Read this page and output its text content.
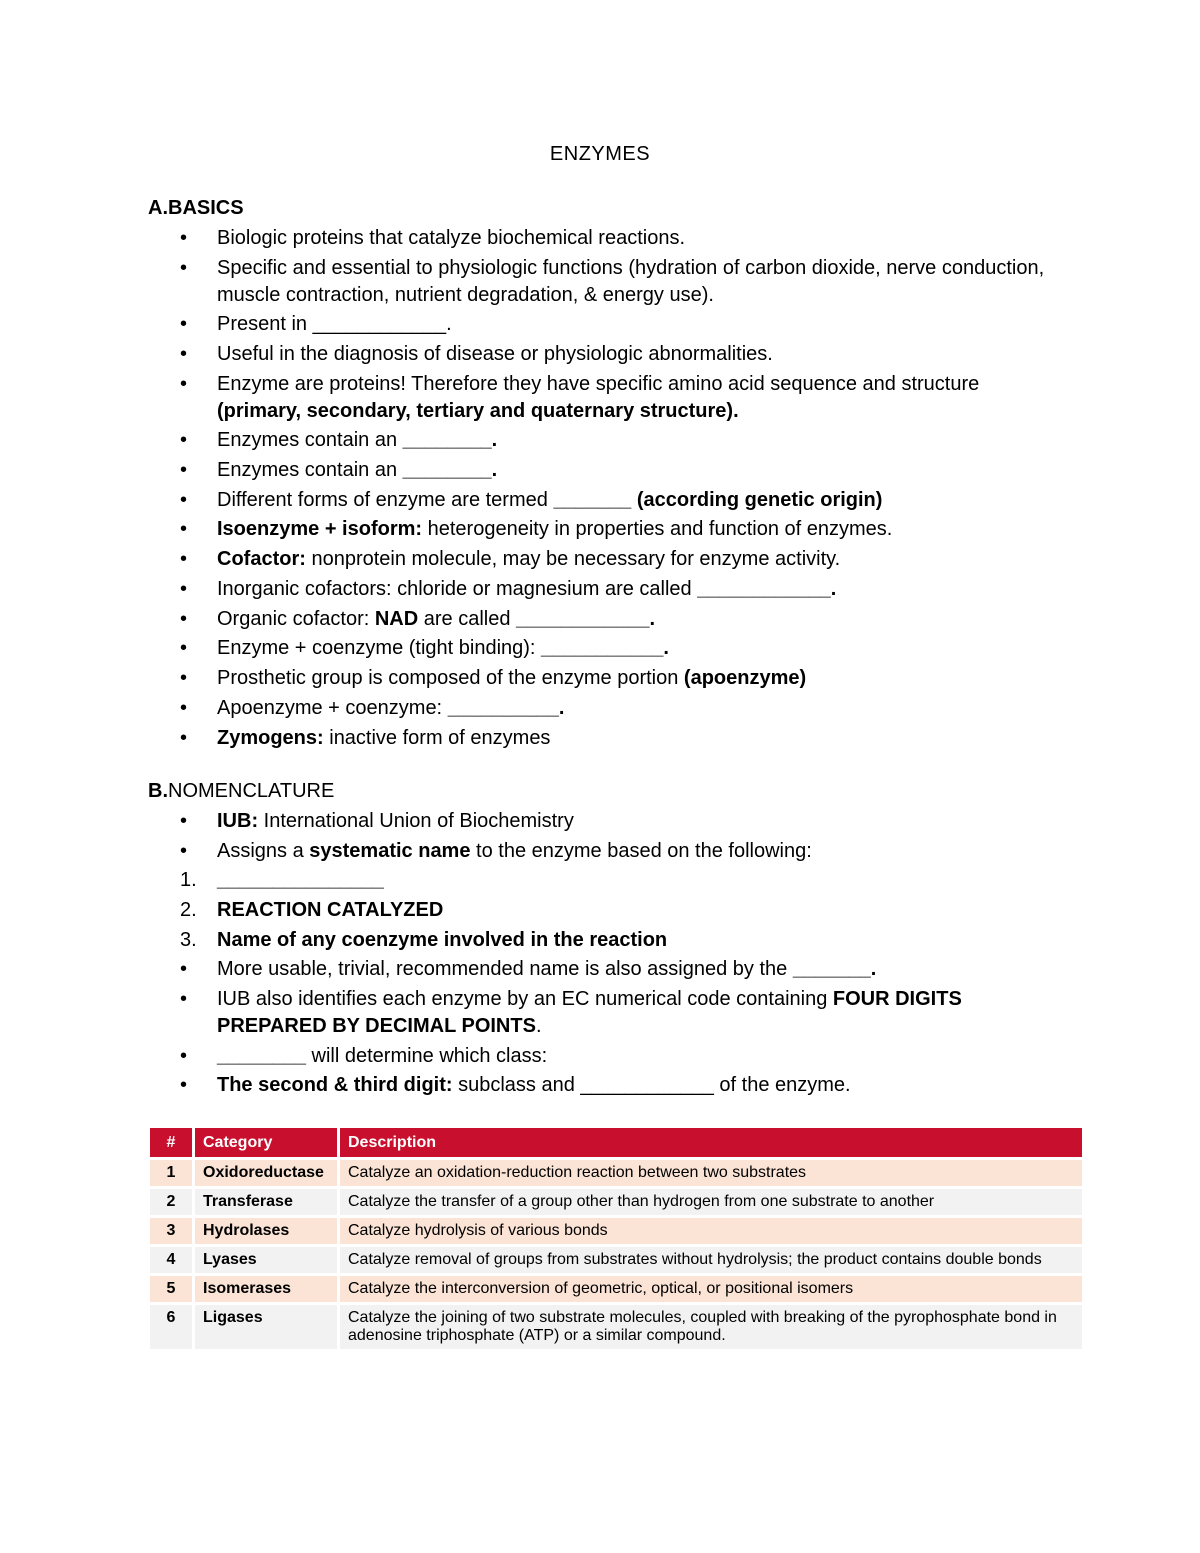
ENZYMES
A.BASICS
•	Biologic proteins that catalyze biochemical reactions.
•	Specific and essential to physiologic functions (hydration of carbon dioxide, nerve conduction, muscle contraction, nutrient degradation, & energy use).
•	Present in ____________.
•	Useful in the diagnosis of disease or physiologic abnormalities.
•	Enzyme are proteins! Therefore they have specific amino acid sequence and structure (primary, secondary, tertiary and quaternary structure).
•	Enzymes contain an ________.
•	Enzymes contain an ________.
•	Different forms of enzyme are termed _______ (according genetic origin)
•	Isoenzyme + isoform: heterogeneity in properties and function of enzymes.
•	Cofactor: nonprotein molecule, may be necessary for enzyme activity.
•	Inorganic cofactors: chloride or magnesium are called ____________.
•	Organic cofactor: NAD are called ____________.
•	Enzyme + coenzyme (tight binding): ___________.
•	Prosthetic group is composed of the enzyme portion (apoenzyme)
•	Apoenzyme + coenzyme: __________.
•	Zymogens: inactive form of enzymes
B.NOMENCLATURE
•	IUB: International Union of Biochemistry
•	Assigns a systematic name to the enzyme based on the following:
1.	_______________
2.	REACTION CATALYZED
3.	Name of any coenzyme involved in the reaction
•	More usable, trivial, recommended name is also assigned by the _______.
•	IUB also identifies each enzyme by an EC numerical code containing FOUR DIGITS PREPARED BY DECIMAL POINTS.
•	________ will determine which class:
•	The second & third digit: subclass and ____________ of the enzyme.
#		Category		Description
1		Oxidoreductase		Catalyze an oxidation-reduction reaction between two substrates
2		Transferase		Catalyze the transfer of a group other than hydrogen from one substrate to another
3		Hydrolases		Catalyze hydrolysis of various bonds
4		Lyases		Catalyze removal of groups from substrates without hydrolysis; the product contains double bonds
5		Isomerases		Catalyze the interconversion of geometric, optical, or positional isomers
6		Ligases		Catalyze the joining of two substrate molecules, coupled with breaking of the pyrophosphate bond in adenosine triphosphate (ATP) or a similar compound.
